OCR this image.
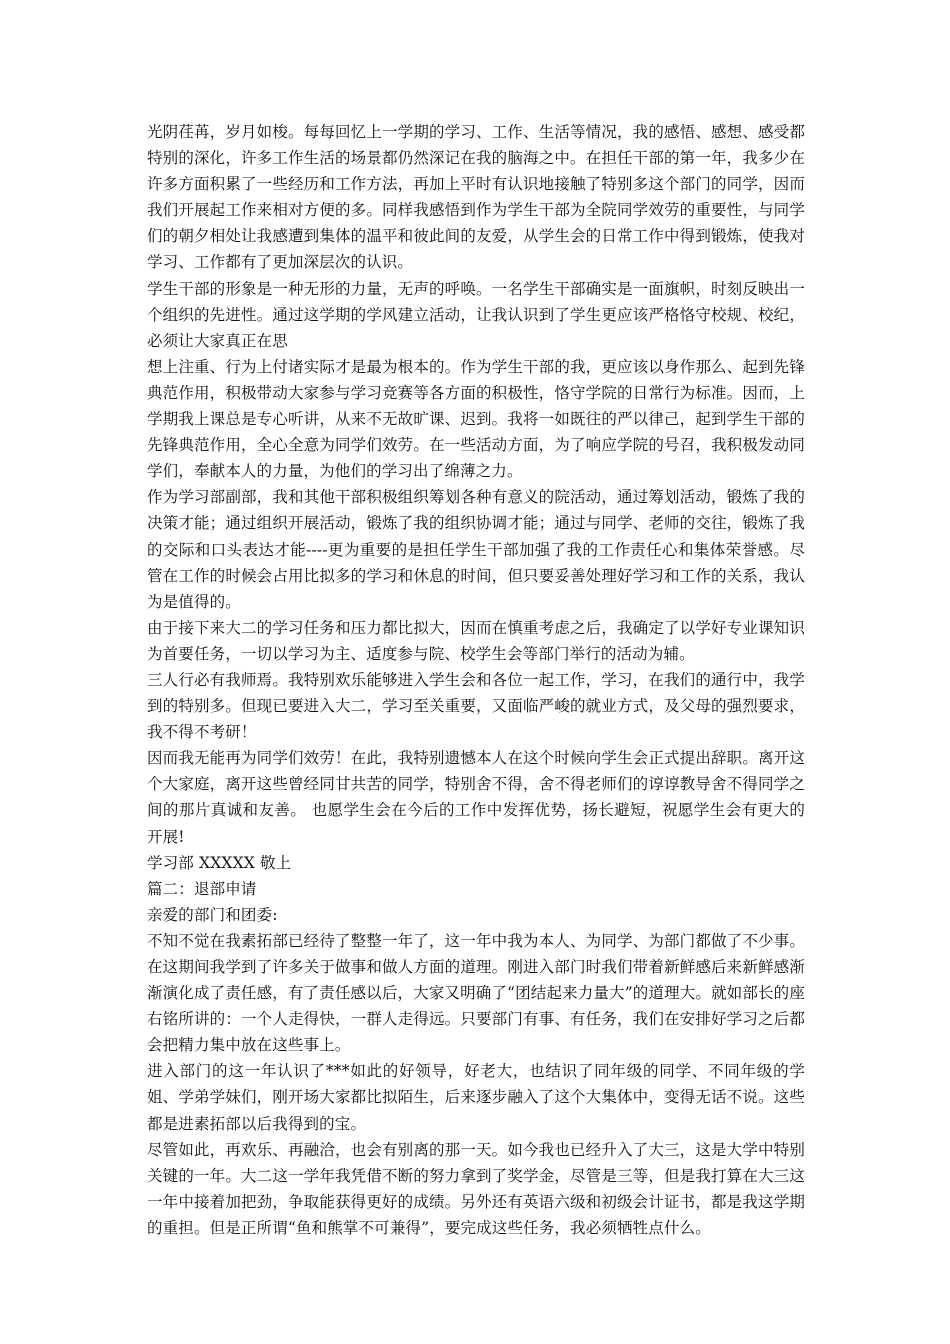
光阴荏苒，岁月如梭。每每回忆上一学期的学习、工作、生活等情况，我的感悟、感想、感受都特别的深化，许多工作生活的场景都仍然深记在我的脑海之中。在担任干部的第一年，我多少在许多方面积累了一些经历和工作方法，再加上平时有认识地接触了特别多这个部门的同学，因而我们开展起工作来相对方便的多。同样我感悟到作为学生干部为全院同学效劳的重要性，与同学们的朝夕相处让我感遭到集体的温平和彼此间的友爱，从学生会的日常工作中得到锻炼，使我对学习、工作都有了更加深层次的认识。

学生干部的形象是一种无形的力量，无声的呼唤。一名学生干部确实是一面旗帜，时刻反映出一个组织的先进性。通过这学期的学风建立活动，让我认识到了学生更应该严格恪守校规、校纪，必须让大家真正在思

想上注重、行为上付诸实际才是最为根本的。作为学生干部的我，更应该以身作那么、起到先锋典范作用，积极带动大家参与学习竞赛等各方面的积极性，恪守学院的日常行为标准。因而，上学期我上课总是专心听讲，从来不无故旷课、迟到。我将一如既往的严以律己，起到学生干部的先锋典范作用，全心全意为同学们效劳。在一些活动方面，为了响应学院的号召，我积极发动同学们，奉献本人的力量，为他们的学习出了绵薄之力。

作为学习部副部，我和其他干部积极组织筹划各种有意义的院活动，通过筹划活动，锻炼了我的决策才能；通过组织开展活动，锻炼了我的组织协调才能；通过与同学、老师的交往，锻炼了我的交际和口头表达才能----更为重要的是担任学生干部加强了我的工作责任心和集体荣誉感。尽管在工作的时候会占用比拟多的学习和休息的时间，但只要妥善处理好学习和工作的关系，我认为是值得的。

由于接下来大二的学习任务和压力都比拟大，因而在慎重考虑之后，我确定了以学好专业课知识为首要任务，一切以学习为主、适度参与院、校学生会等部门举行的活动为辅。

三人行必有我师焉。我特别欢乐能够进入学生会和各位一起工作，学习，在我们的通行中，我学到的特别多。但现已要进入大二，学习至关重要，又面临严峻的就业方式，及父母的强烈要求，我不得不考研！

因而我无能再为同学们效劳！在此，我特别遗憾本人在这个时候向学生会正式提出辞职。离开这个大家庭，离开这些曾经同甘共苦的同学，特别舍不得，舍不得老师们的谆谆教导舍不得同学之间的那片真诚和友善。 也愿学生会在今后的工作中发挥优势，扬长避短，祝愿学生会有更大的开展!

学习部 XXXXX 敬上

篇二：退部申请

亲爱的部门和团委:

不知不觉在我素拓部已经待了整整一年了，这一年中我为本人、为同学、为部门都做了不少事。在这期间我学到了许多关于做事和做人方面的道理。刚进入部门时我们带着新鲜感后来新鲜感渐渐演化成了责任感，有了责任感以后，大家又明确了“团结起来力量大”的道理大。就如部长的座右铭所讲的：一个人走得快，一群人走得远。只要部门有事、有任务，我们在安排好学习之后都会把精力集中放在这些事上。

进入部门的这一年认识了***如此的好领导，好老大，也结识了同年级的同学、不同年级的学姐、学弟学妹们，刚开场大家都比拟陌生，后来逐步融入了这个大集体中，变得无话不说。这些都是进素拓部以后我得到的宝。

尽管如此，再欢乐、再融洽，也会有别离的那一天。如今我也已经升入了大三，这是大学中特别关键的一年。大二这一学年我凭借不断的努力拿到了奖学金，尽管是三等，但是我打算在大三这一年中接着加把劲，争取能获得更好的成绩。另外还有英语六级和初级会计证书，都是我这学期的重担。但是正所谓“鱼和熊掌不可兼得”，要完成这些任务，我必须牺牲点什么。
